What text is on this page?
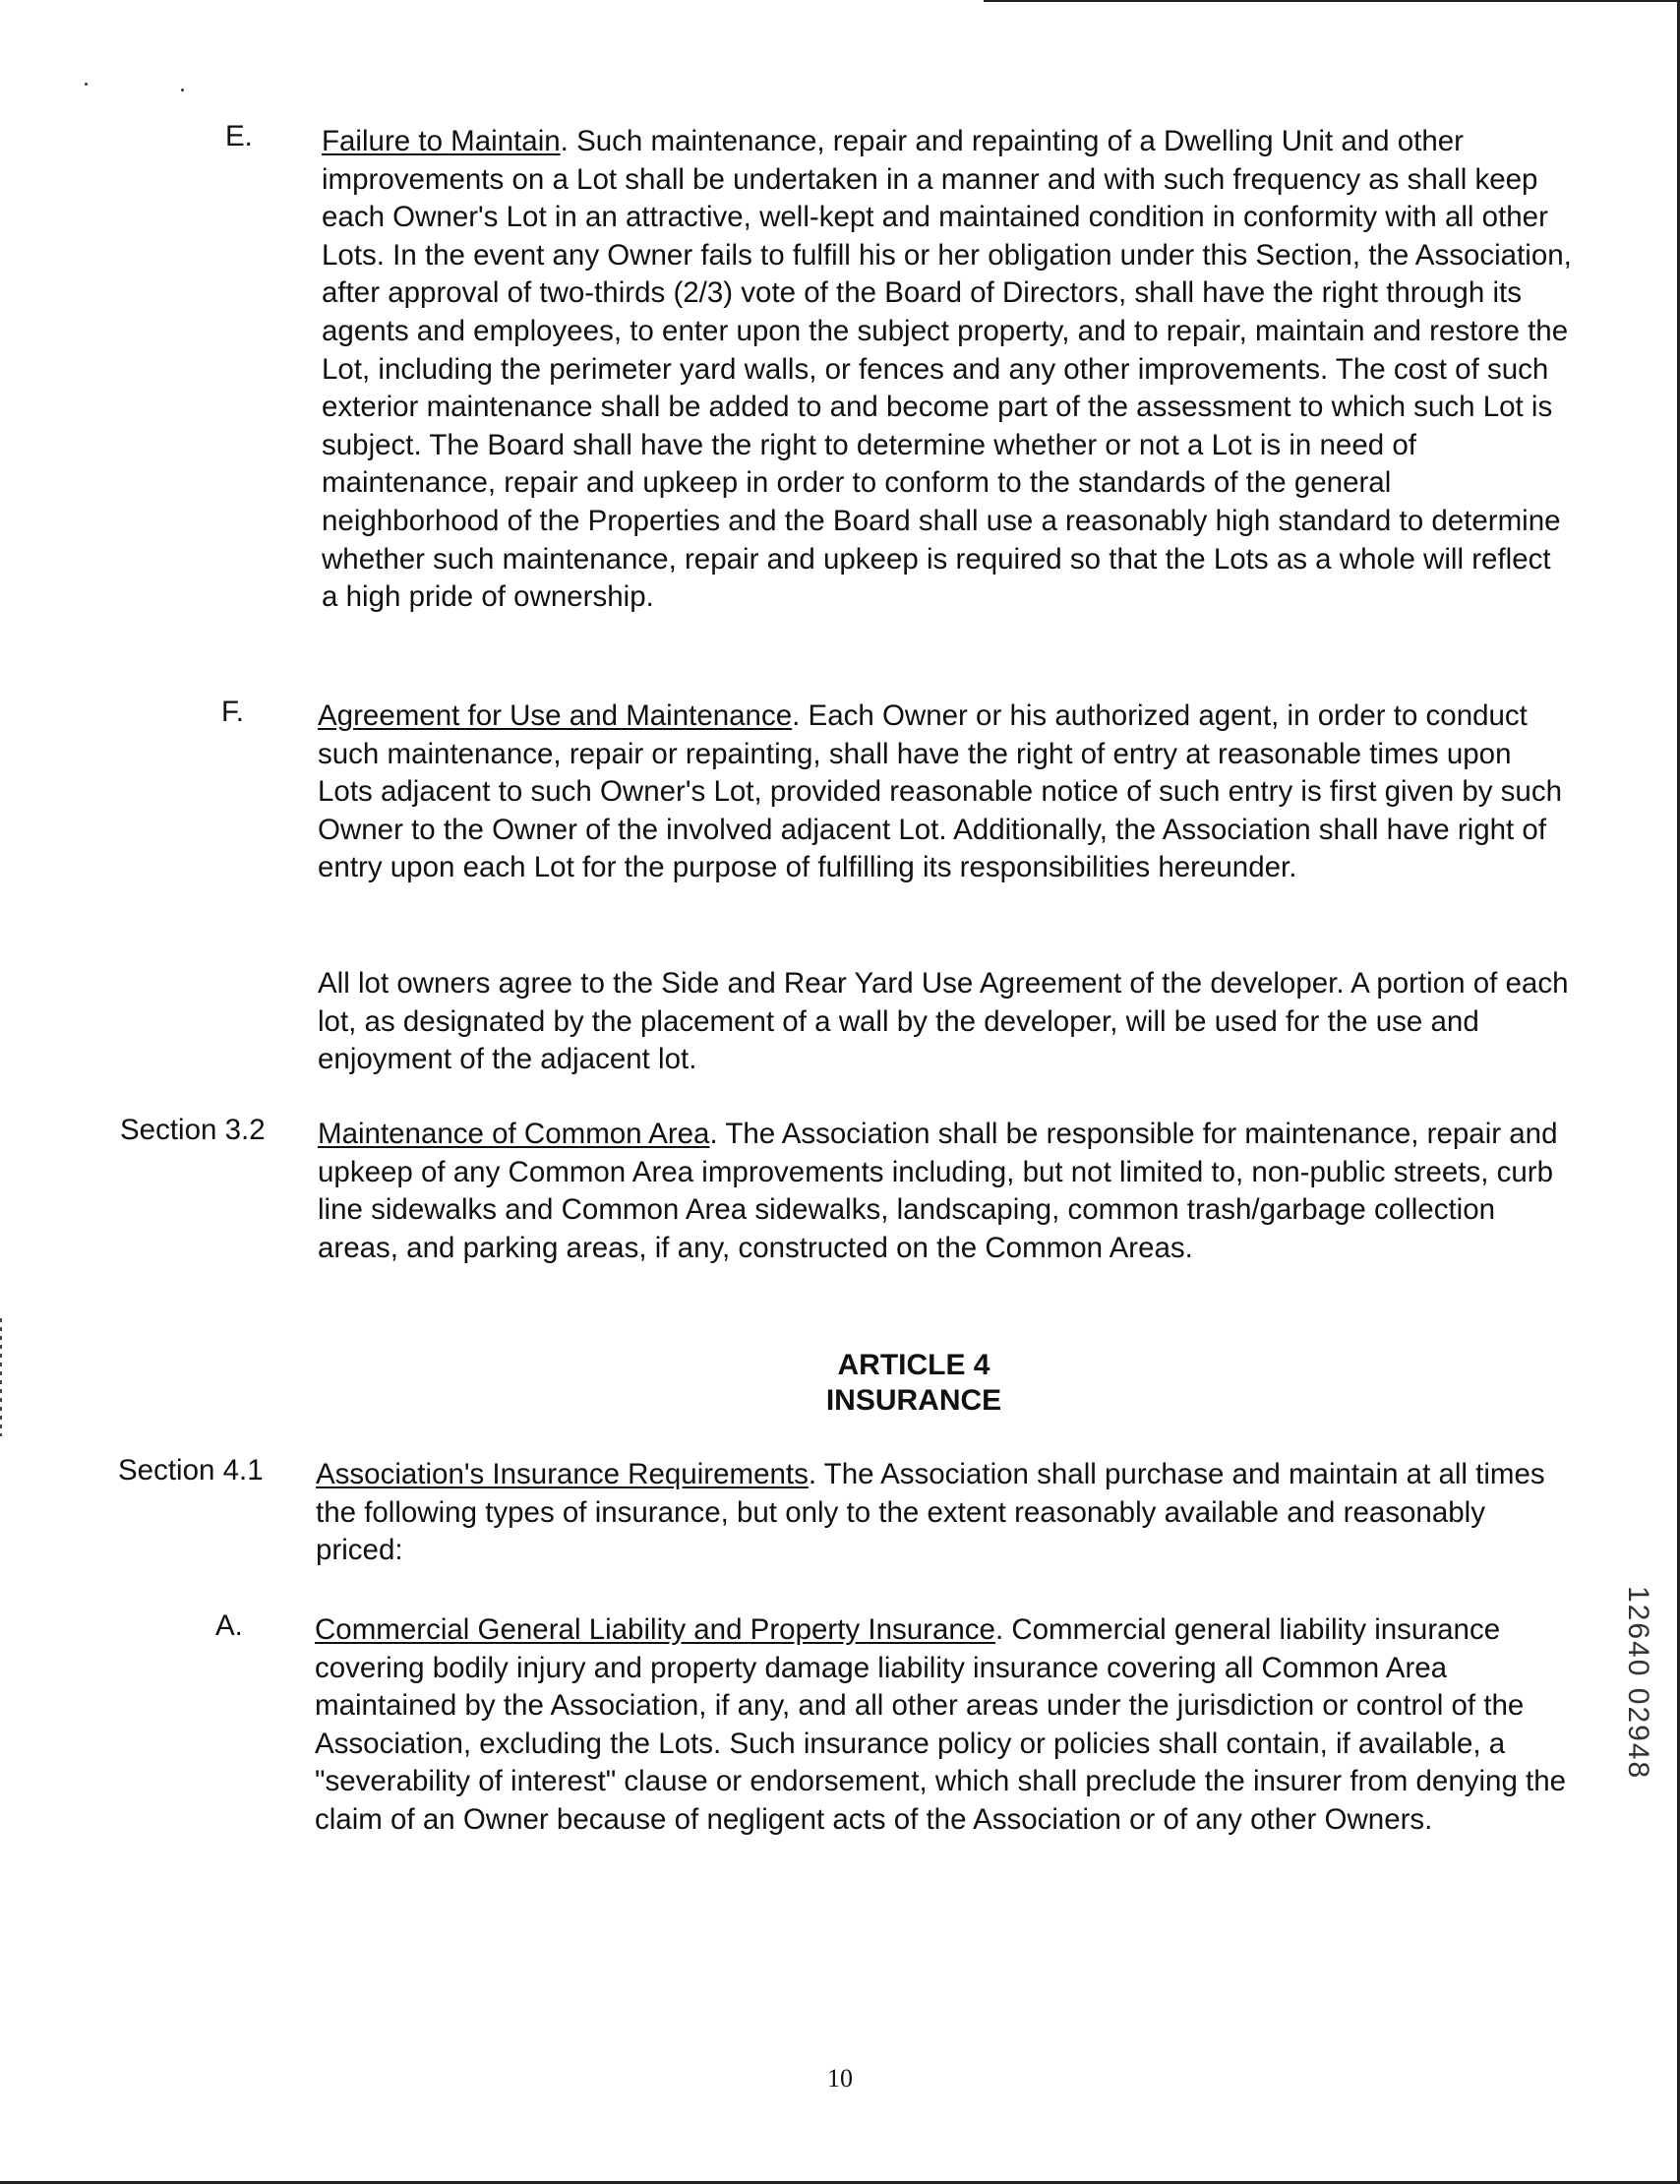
E. Failure to Maintain. Such maintenance, repair and repainting of a Dwelling Unit and other improvements on a Lot shall be undertaken in a manner and with such frequency as shall keep each Owner's Lot in an attractive, well-kept and maintained condition in conformity with all other Lots. In the event any Owner fails to fulfill his or her obligation under this Section, the Association, after approval of two-thirds (2/3) vote of the Board of Directors, shall have the right through its agents and employees, to enter upon the subject property, and to repair, maintain and restore the Lot, including the perimeter yard walls, or fences and any other improvements. The cost of such exterior maintenance shall be added to and become part of the assessment to which such Lot is subject. The Board shall have the right to determine whether or not a Lot is in need of maintenance, repair and upkeep in order to conform to the standards of the general neighborhood of the Properties and the Board shall use a reasonably high standard to determine whether such maintenance, repair and upkeep is required so that the Lots as a whole will reflect a high pride of ownership.
F.	Agreement for Use and Maintenance. Each Owner or his authorized agent, in order to conduct such maintenance, repair or repainting, shall have the right of entry at reasonable times upon Lots adjacent to such Owner's Lot, provided reasonable notice of such entry is first given by such Owner to the Owner of the involved adjacent Lot. Additionally, the Association shall have right of entry upon each Lot for the purpose of fulfilling its responsibilities hereunder.
All lot owners agree to the Side and Rear Yard Use Agreement of the developer. A portion of each lot, as designated by the placement of a wall by the developer, will be used for the use and enjoyment of the adjacent lot.
Section 3.2 Maintenance of Common Area. The Association shall be responsible for maintenance, repair and upkeep of any Common Area improvements including, but not limited to, non-public streets, curb line sidewalks and Common Area sidewalks, landscaping, common trash/garbage collection areas, and parking areas, if any, constructed on the Common Areas.
ARTICLE 4
INSURANCE
Section 4.1 Association's Insurance Requirements. The Association shall purchase and maintain at all times the following types of insurance, but only to the extent reasonably available and reasonably priced:
A. Commercial General Liability and Property Insurance. Commercial general liability insurance covering bodily injury and property damage liability insurance covering all Common Area maintained by the Association, if any, and all other areas under the jurisdiction or control of the Association, excluding the Lots. Such insurance policy or policies shall contain, if available, a "severability of interest" clause or endorsement, which shall preclude the insurer from denying the claim of an Owner because of negligent acts of the Association or of any other Owners.
12640 02948
10
